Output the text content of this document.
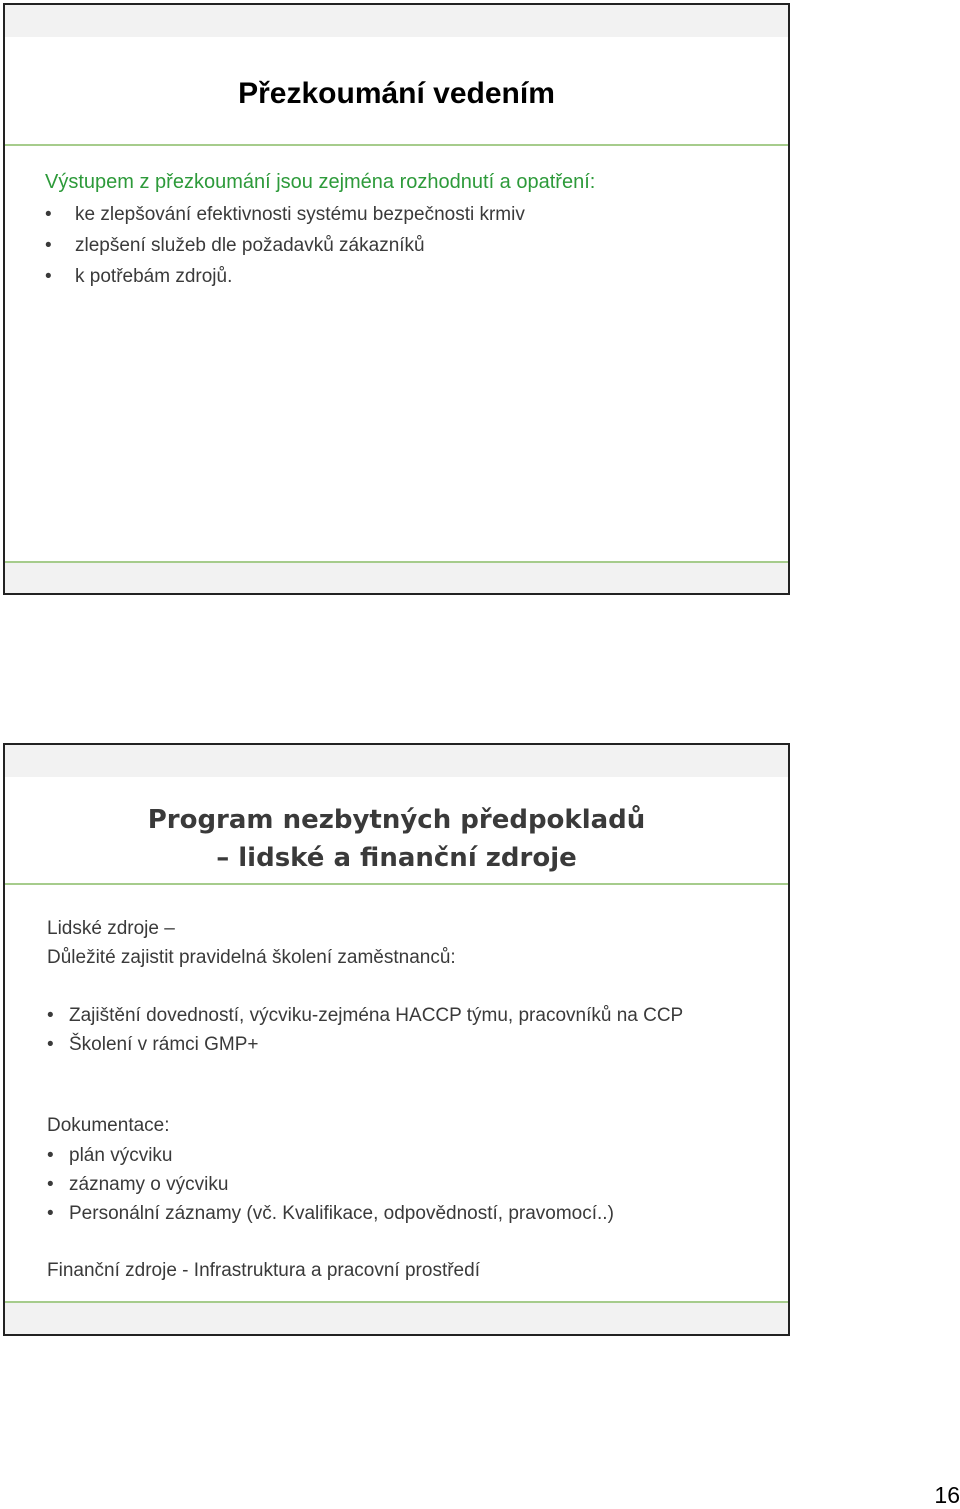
Přezkoumání vedením
Výstupem z přezkoumání jsou zejména rozhodnutí a opatření:
• ke zlepšování efektivnosti systému bezpečnosti krmiv
• zlepšení služeb dle požadavků zákazníků
• k potřebám zdrojů.
Program nezbytných předpokladů
– lidské a finanční zdroje
Lidské zdroje –
Důležité zajistit pravidelná školení zaměstnanců:
• Zajištění dovedností, výcviku-zejména HACCP týmu, pracovníků na CCP
• Školení v rámci GMP+
Dokumentace:
• plán výcviku
• záznamy o výcviku
• Personální záznamy (vč. Kvalifikace, odpovědností, pravomocí..)
Finanční zdroje - Infrastruktura a pracovní prostředí
16
